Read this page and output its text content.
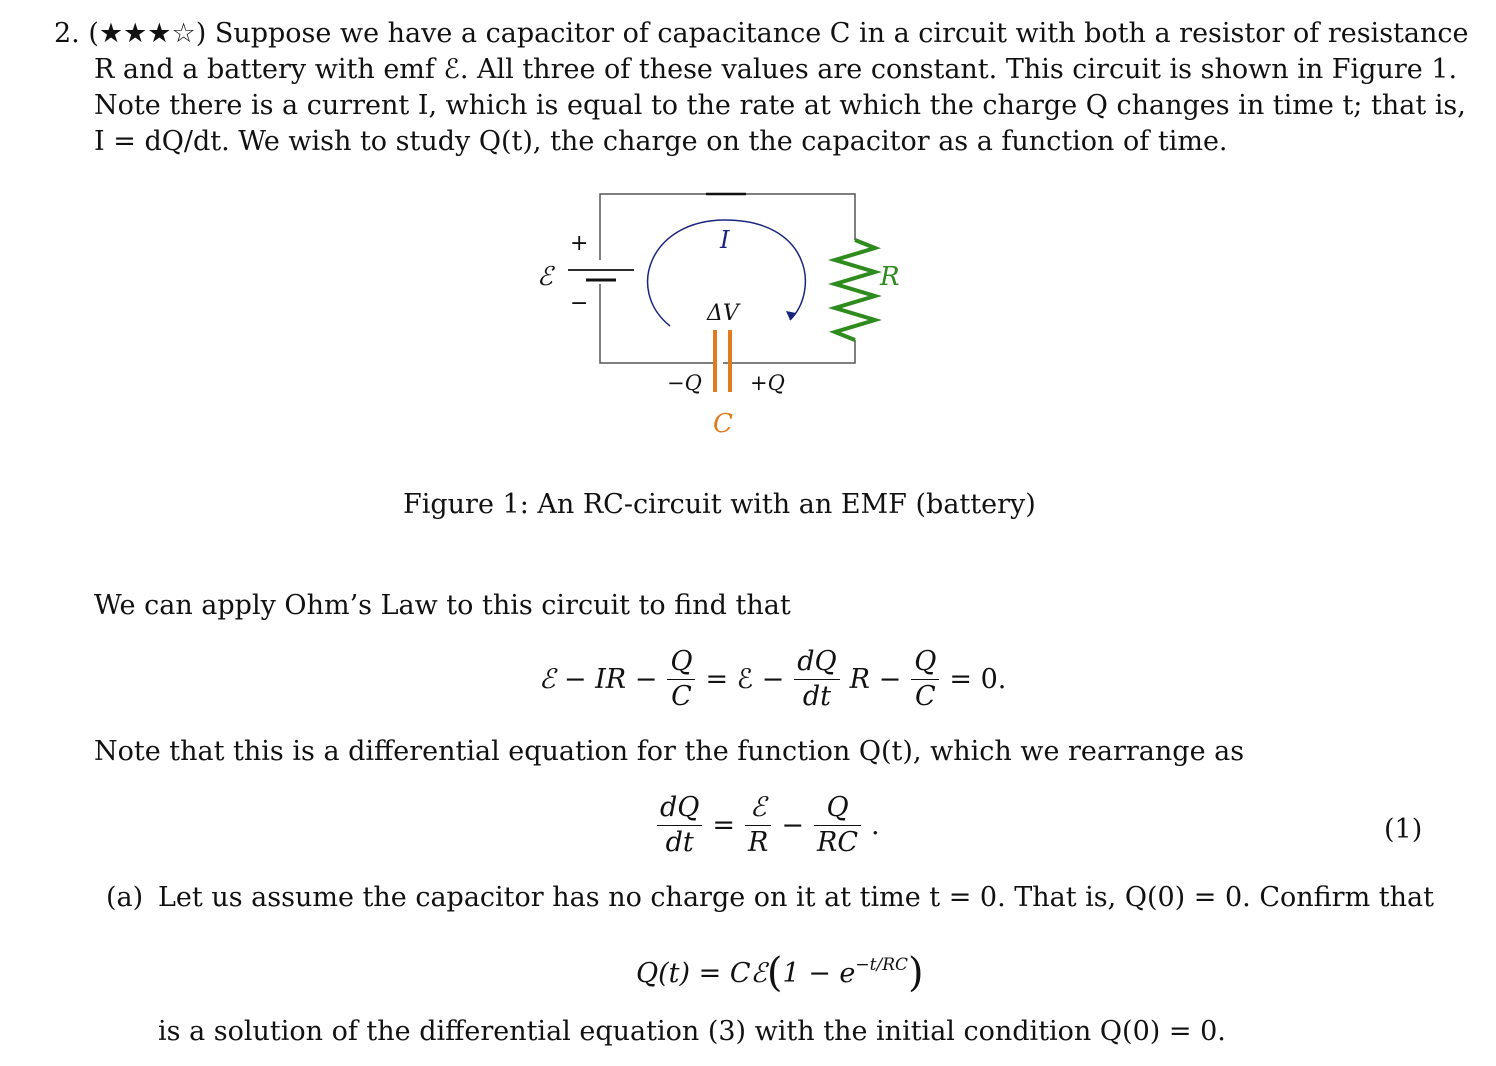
2. (★★★☆) Suppose we have a capacitor of capacitance C in a circuit with both a resistor of resistance
R and a battery with emf ℰ. All three of these values are constant. This circuit is shown in Figure 1.
Note there is a current I, which is equal to the rate at which the charge Q changes in time t; that is,
I = dQ/dt. We wish to study Q(t), the charge on the capacitor as a function of time.
+
ℰ
−
I
R
ΔV
−Q +Q
C
Figure 1: An RC-circuit with an EMF (battery)
We can apply Ohm’s Law to this circuit to find that
ℰ − IR − $\frac{Q}{C}$ = ℰ − $\frac{dQ}{dt}$ $R - \frac{Q}{C} = 0$.
Note that this is a differential equation for the function Q(t), which we rearrange as
$\frac{dQ}{dt} = \frac{\text{ℰ}}{R} - \frac{Q}{RC}$ .	(1)
(a) Let us assume the capacitor has no charge on it at time t = 0. That is, Q(0) = 0. Confirm that
Q(t) = Cℰ(1 − $e^{-t/RC}$)
is a solution of the differential equation (3) with the initial condition Q(0) = 0.
